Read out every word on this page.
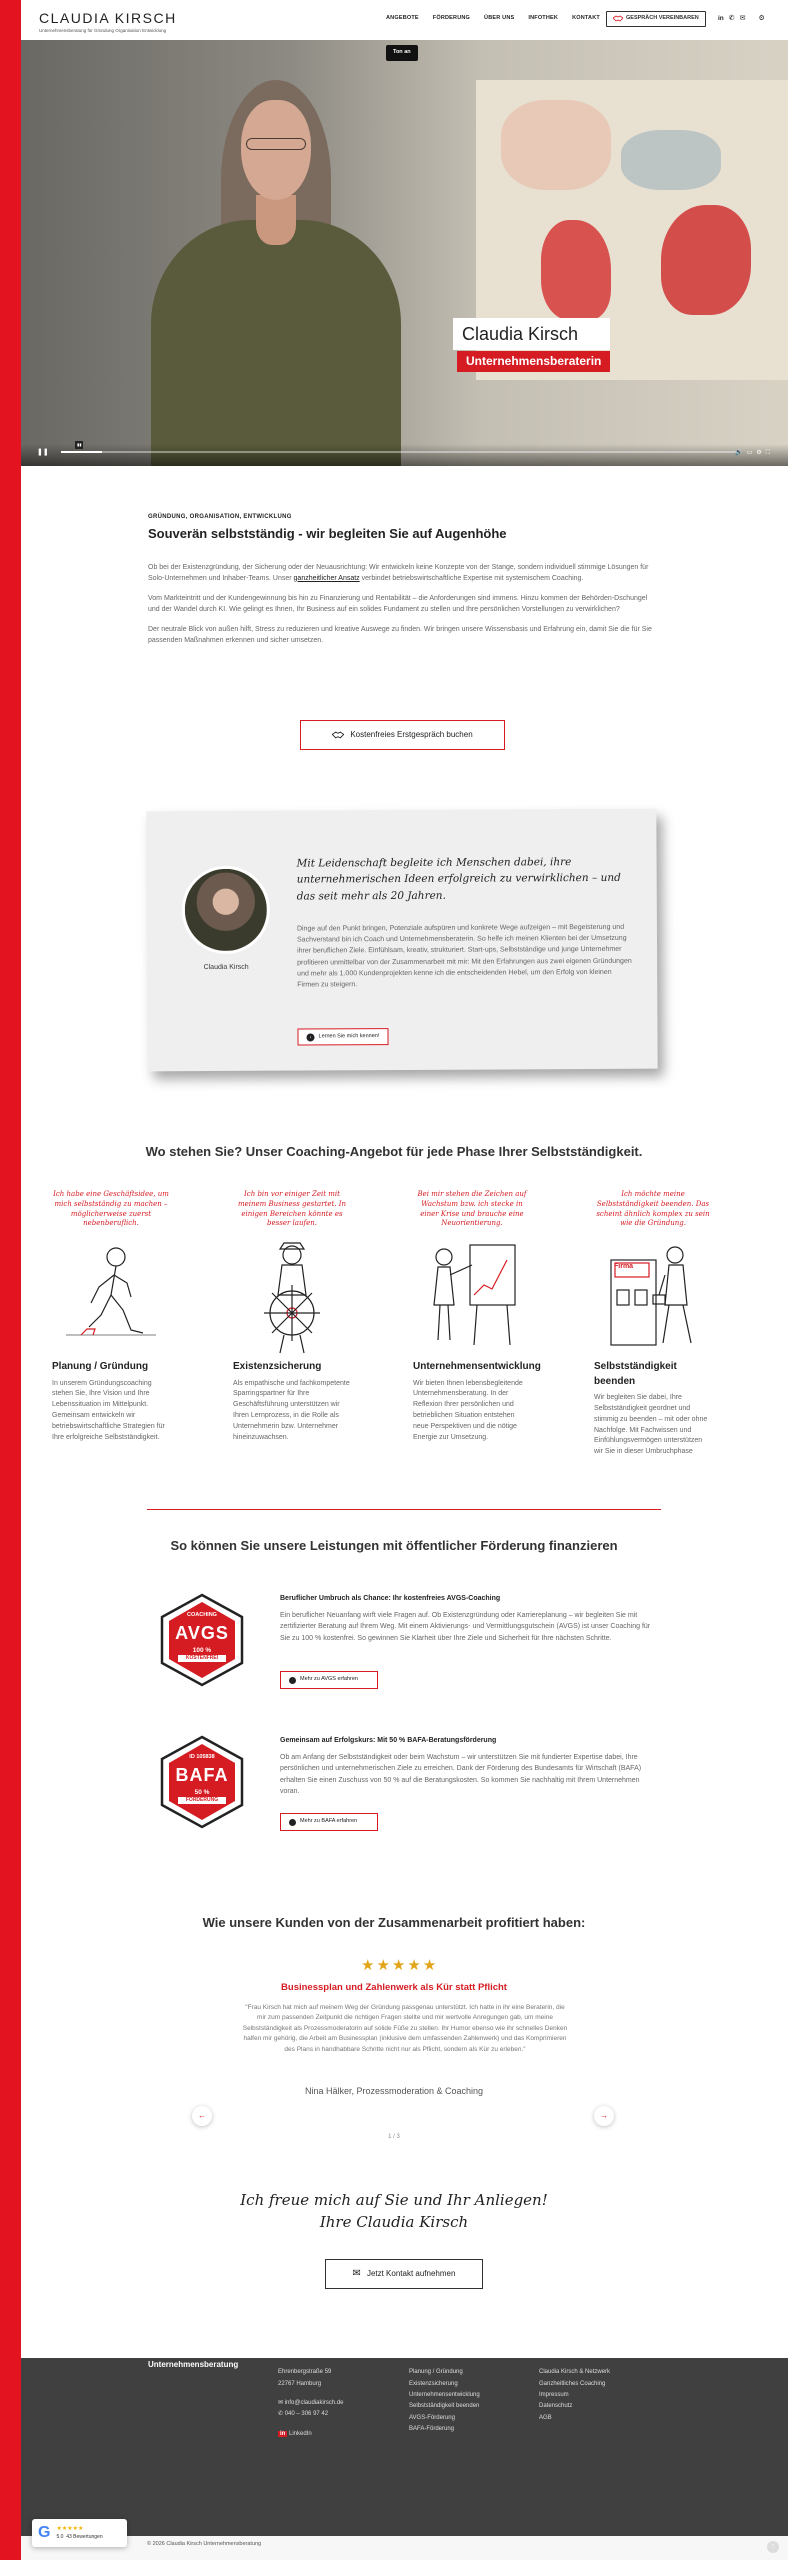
CLAUDIA KIRSCH
Unternehmensberatung für Gründung Organisation Entwicklung
ANGEBOTE	FÖRDERUNG	ÜBER UNS	INFOTHEK	KONTAKT	GESPRÄCH VEREINBAREN	in ✆ ✉ ⚙
Ton an
Claudia Kirsch
Unternehmensberaterin
❚❚
▮▮
🔊 ▭ ⚙ ⛶
GRÜNDUNG, ORGANISATION, ENTWICKLUNG
Souverän selbstständig - wir begleiten Sie auf Augenhöhe

Ob bei der Existenzgründung, der Sicherung oder der Neuausrichtung: Wir entwickeln keine Konzepte von der Stange, sondern individuell stimmige Lösungen für Solo-Unternehmen und Inhaber-Teams. Unser ganzheitlicher Ansatz verbindet betriebswirtschaftliche Expertise mit systemischem Coaching.

Vom Markteintritt und der Kundengewinnung bis hin zu Finanzierung und Rentabilität – die Anforderungen sind immens. Hinzu kommen der Behörden-Dschungel und der Wandel durch KI. Wie gelingt es Ihnen, Ihr Business auf ein solides Fundament zu stellen und Ihre persönlichen Vorstellungen zu verwirklichen?

Der neutrale Blick von außen hilft, Stress zu reduzieren und kreative Auswege zu finden. Wir bringen unsere Wissensbasis und Erfahrung ein, damit Sie die für Sie passenden Maßnahmen erkennen und sicher umsetzen.

Kostenfreies Erstgespräch buchen
Claudia Kirsch
Mit Leidenschaft begleite ich Menschen dabei, ihre unternehmerischen Ideen erfolgreich zu verwirklichen – und das seit mehr als 20 Jahren.
Dinge auf den Punkt bringen, Potenziale aufspüren und konkrete Wege aufzeigen – mit Begeisterung und Sachverstand bin ich Coach und Unternehmensberaterin. So helfe ich meinen Klienten bei der Umsetzung ihrer beruflichen Ziele. Einfühlsam, kreativ, strukturiert. Start-ups, Selbstständige und junge Unternehmer profitieren unmittelbar von der Zusammenarbeit mit mir: Mit den Erfahrungen aus zwei eigenen Gründungen und mehr als 1.000 Kundenprojekten kenne ich die entscheidenden Hebel, um den Erfolg von kleinen Firmen zu steigern.
›	Lernen Sie mich kennen!
Wo stehen Sie? Unser Coaching-Angebot für jede Phase Ihrer Selbstständigkeit.
Ich habe eine Geschäftsidee, um mich selbstständig zu machen – möglicherweise zuerst nebenberuflich.
Planung / Gründung
In unserem Gründungscoaching stehen Sie, Ihre Vision und Ihre Lebenssituation im Mittelpunkt. Gemeinsam entwickeln wir betriebswirtschaftliche Strategien für Ihre erfolgreiche Selbstständigkeit.
Ich bin vor einiger Zeit mit meinem Business gestartet. In einigen Bereichen könnte es besser laufen.
Existenzsicherung
Als empathische und fachkompetente Sparringspartner für Ihre Geschäftsführung unterstützen wir Ihren Lernprozess, in die Rolle als Unternehmerin bzw. Unternehmer hineinzuwachsen.
Bei mir stehen die Zeichen auf Wachstum bzw. ich stecke in einer Krise und brauche eine Neuorientierung.
Unternehmensentwicklung
Wir bieten Ihnen lebensbegleitende Unternehmensberatung. In der Reflexion Ihrer persönlichen und betrieblichen Situation entstehen neue Perspektiven und die nötige Energie zur Umsetzung.
Ich möchte meine Selbstständigkeit beenden. Das scheint ähnlich komplex zu sein wie die Gründung.
Firma
Selbstständigkeit beenden
Wir begleiten Sie dabei, Ihre Selbstständigkeit geordnet und stimmig zu beenden – mit oder ohne Nachfolge. Mit Fachwissen und Einfühlungsvermögen unterstützen wir Sie in dieser Umbruchphase
So können Sie unsere Leistungen mit öffentlicher Förderung finanzieren
COACHING
AVGS
100 %
KOSTENFREI
Beruflicher Umbruch als Chance: Ihr kostenfreies AVGS-Coaching
Ein beruflicher Neuanfang wirft viele Fragen auf. Ob Existenzgründung oder Karriereplanung – wir begleiten Sie mit zertifizierter Beratung auf Ihrem Weg. Mit einem Aktivierungs- und Vermittlungsgutschein (AVGS) ist unser Coaching für Sie zu 100 % kostenfrei. So gewinnen Sie Klarheit über Ihre Ziele und Sicherheit für Ihre nächsten Schritte.
Mehr zu AVGS erfahren
ID 105838
BAFA
50 %
FÖRDERUNG
Gemeinsam auf Erfolgskurs: Mit 50 % BAFA-Beratungsförderung
Ob am Anfang der Selbstständigkeit oder beim Wachstum – wir unterstützen Sie mit fundierter Expertise dabei, Ihre persönlichen und unternehmerischen Ziele zu erreichen. Dank der Förderung des Bundesamts für Wirtschaft (BAFA) erhalten Sie einen Zuschuss von 50 % auf die Beratungskosten. So kommen Sie nachhaltig mit Ihrem Unternehmen voran.
Mehr zu BAFA erfahren
Wie unsere Kunden von der Zusammenarbeit profitiert haben:
★★★★★
Businessplan und Zahlenwerk als Kür statt Pflicht
"Frau Kirsch hat mich auf meinem Weg der Gründung passgenau unterstützt. Ich hatte in ihr eine Beraterin, die mir zum passenden Zeitpunkt die richtigen Fragen stellte und mir wertvolle Anregungen gab, um meine Selbstständigkeit als Prozessmoderatorin auf solide Füße zu stellen. Ihr Humor ebenso wie ihr schnelles Denken halfen mir gehörig, die Arbeit am Businessplan (inklusive dem umfassenden Zahlenwerk) und das Komprimieren des Plans in handhabbare Schritte nicht nur als Pflicht, sondern als Kür zu erleben."
Nina Hälker, Prozessmoderation & Coaching
←	→
1 / 3
Ich freue mich auf Sie und Ihr Anliegen!
Ihre Claudia Kirsch
✉ Jetzt Kontakt aufnehmen
Claudia Kirsch
Unternehmensberatung
Kontakt
Ehrenbergstraße 59
22767 Hamburg
✉ info@claudiakirsch.de
✆ 040 – 306 97 42
in LinkedIn
Beratungsangebot
Planung / Gründung
Existenzsicherung
Unternehmensentwicklung
Selbstständigkeit beenden
AVGS-Förderung
BAFA-Förderung
Über uns
Claudia Kirsch & Netzwerk
Ganzheitliches Coaching
Impressum
Datenschutz
AGB
© 2026 Claudia Kirsch Unternehmensberatung	↑
G ★★★★★
5.0 43 Bewertungen
